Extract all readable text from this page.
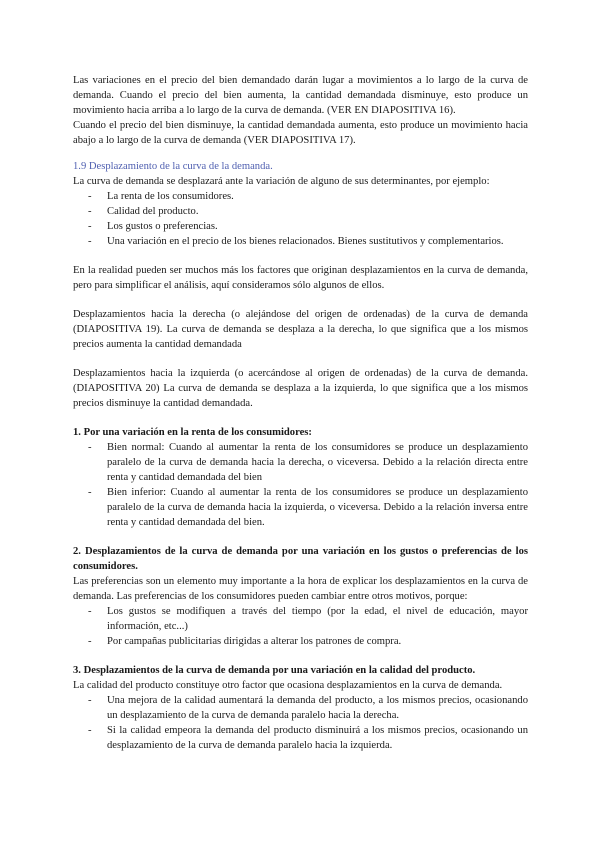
Las variaciones en el precio del bien demandado darán lugar a movimientos a lo largo de la curva de demanda. Cuando el precio del bien aumenta, la cantidad demandada disminuye, esto produce un movimiento hacia arriba a lo largo de la curva de demanda. (VER EN DIAPOSITIVA 16).

Cuando el precio del bien disminuye, la cantidad demandada aumenta, esto produce un movimiento hacia abajo a lo largo de la curva de demanda (VER DIAPOSITIVA 17).

1.9 Desplazamiento de la curva de la demanda.

La curva de demanda se desplazará ante la variación de alguno de sus determinantes, por ejemplo:

- La renta de los consumidores.
- Calidad del producto.
- Los gustos o preferencias.
- Una variación en el precio de los bienes relacionados. Bienes sustitutivos y complementarios.

En la realidad pueden ser muchos más los factores que originan desplazamientos en la curva de demanda, pero para simplificar el análisis, aquí consideramos sólo algunos de ellos.

Desplazamientos hacia la derecha (o alejándose del origen de ordenadas) de la curva de demanda (DIAPOSITIVA 19). La curva de demanda se desplaza a la derecha, lo que significa que a los mismos precios aumenta la cantidad demandada

Desplazamientos hacia la izquierda (o acercándose al origen de ordenadas) de la curva de demanda. (DIAPOSITIVA 20) La curva de demanda se desplaza a la izquierda, lo que significa que a los mismos precios disminuye la cantidad demandada.

1. Por una variación en la renta de los consumidores:

- Bien normal: Cuando al aumentar la renta de los consumidores se produce un desplazamiento paralelo de la curva de demanda hacia la derecha, o viceversa. Debido a la relación directa entre renta y cantidad demandada del bien
- Bien inferior: Cuando al aumentar la renta de los consumidores se produce un desplazamiento paralelo de la curva de demanda hacia la izquierda, o viceversa. Debido a la relación inversa entre renta y cantidad demandada del bien.

2. Desplazamientos de la curva de demanda por una variación en los gustos o preferencias de los consumidores.

Las preferencias son un elemento muy importante a la hora de explicar los desplazamientos en la curva de demanda. Las preferencias de los consumidores pueden cambiar entre otros motivos, porque:

- Los gustos se modifiquen a través del tiempo (por la edad, el nivel de educación, mayor información, etc...)
- Por campañas publicitarias dirigidas a alterar los patrones de compra.

3. Desplazamientos de la curva de demanda por una variación en la calidad del producto.

La calidad del producto constituye otro factor que ocasiona desplazamientos en la curva de demanda.

- Una mejora de la calidad aumentará la demanda del producto, a los mismos precios, ocasionando un desplazamiento de la curva de demanda paralelo hacia la derecha.
- Si la calidad empeora la demanda del producto disminuirá a los mismos precios, ocasionando un desplazamiento de la curva de demanda paralelo hacia la izquierda.
